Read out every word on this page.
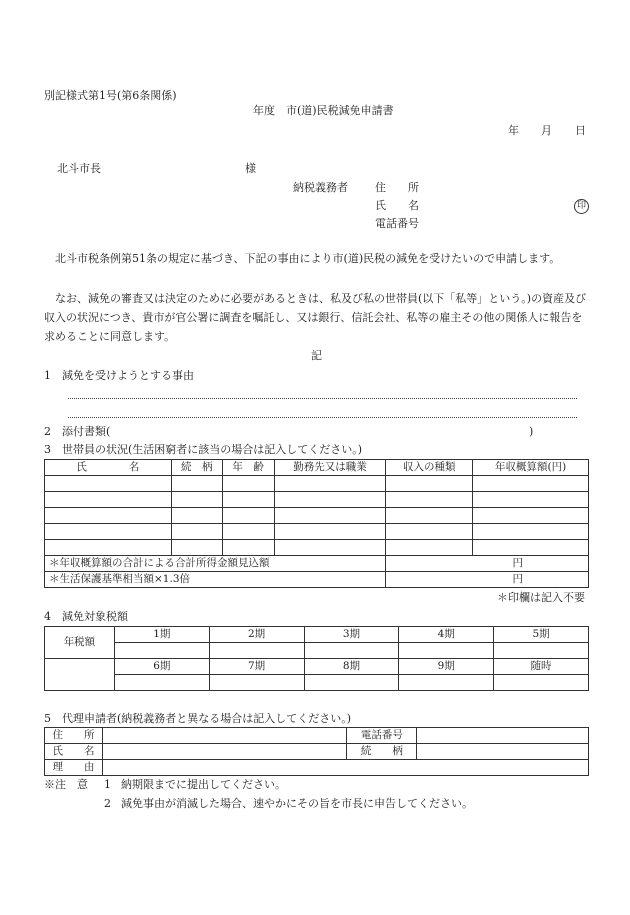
別記様式第1号(第6条関係)
年度　市(道)民税減免申請書
年 月 日
北斗市長	様
納税義務者 住　　所
氏　　名	印
電話番号
北斗市税条例第51条の規定に基づき、下記の事由により市(道)民税の減免を受けたいので申請します。
なお、減免の審査又は決定のために必要があるときは、私及び私の世帯員(以下「私等」という。)の資産及び収入の状況につき、貴市が官公署に調査を嘱託し、又は銀行、信託会社、私等の雇主その他の関係人に報告を求めることに同意します。
記
1　減免を受けようとする事由
2　添付書類(	)
3　世帯員の状況(生活困窮者に該当の場合は記入してください。)
氏　　　　名	続　柄	年　齢	勤務先又は職業	収入の種類	年収概算額(円)

＊年収概算額の合計による合計所得金額見込額				円	
＊生活保護基準相当額×1.3倍				円	
＊印欄は記入不要
4　減免対象税額
年税額	1期	2期	3期	4期	5期

	6期	7期	8期	9期	随時

5　代理申請者(納税義務者と異なる場合は記入してください。)
住　　所		電話番号	
氏　　名		続　　柄	
理　　由			
※注　意 1 納期限までに提出してください。
2 減免事由が消滅した場合、速やかにその旨を市長に申告してください。
